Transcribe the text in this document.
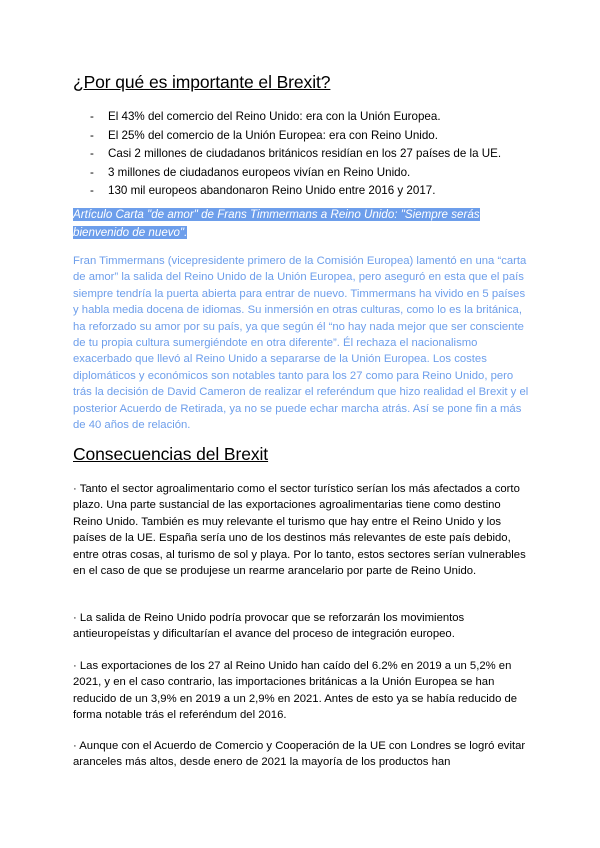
¿Por qué es importante el Brexit?
- El 43% del comercio del Reino Unido: era con la Unión Europea.
- El 25% del comercio de la Unión Europea: era con Reino Unido.
- Casi 2 millones de ciudadanos británicos residían en los 27 países de la UE.
- 3 millones de ciudadanos europeos vivían en Reino Unido.
- 130 mil europeos abandonaron Reino Unido entre 2016 y 2017.
Artículo Carta "de amor" de Frans Timmermans a Reino Unido: "Siempre serás bienvenido de nuevo".
Fran Timmermans (vicepresidente primero de la Comisión Europea) lamentó en una “carta de amor” la salida del Reino Unido de la Unión Europea, pero aseguró en esta que el país siempre tendría la puerta abierta para entrar de nuevo. Timmermans ha vivido en 5 países y habla media docena de idiomas. Su inmersión en otras culturas, como lo es la británica, ha reforzado su amor por su país, ya que según él “no hay nada mejor que ser consciente de tu propia cultura sumergiéndote en otra diferente”. Él rechaza el nacionalismo exacerbado que llevó al Reino Unido a separarse de la Unión Europea. Los costes diplomáticos y económicos son notables tanto para los 27 como para Reino Unido, pero trás la decisión de David Cameron de realizar el referéndum que hizo realidad el Brexit y el posterior Acuerdo de Retirada, ya no se puede echar marcha atrás. Así se pone fin a más de 40 años de relación.
Consecuencias del Brexit
· Tanto el sector agroalimentario como el sector turístico serían los más afectados a corto plazo. Una parte sustancial de las exportaciones agroalimentarias tiene como destino Reino Unido. También es muy relevante el turismo que hay entre el Reino Unido y los países de la UE. España sería uno de los destinos más relevantes de este país debido, entre otras cosas, al turismo de sol y playa. Por lo tanto, estos sectores serían vulnerables en el caso de que se produjese un rearme arancelario por parte de Reino Unido.
· La salida de Reino Unido podría provocar que se reforzarán los movimientos antieuropeístas y dificultarían el avance del proceso de integración europeo.
· Las exportaciones de los 27 al Reino Unido han caído del 6.2% en 2019 a un 5,2% en 2021, y en el caso contrario, las importaciones británicas a la Unión Europea se han reducido de un 3,9% en 2019 a un 2,9% en 2021. Antes de esto ya se había reducido de forma notable trás el referéndum del 2016.
· Aunque con el Acuerdo de Comercio y Cooperación de la UE con Londres se logró evitar aranceles más altos, desde enero de 2021 la mayoría de los productos han
